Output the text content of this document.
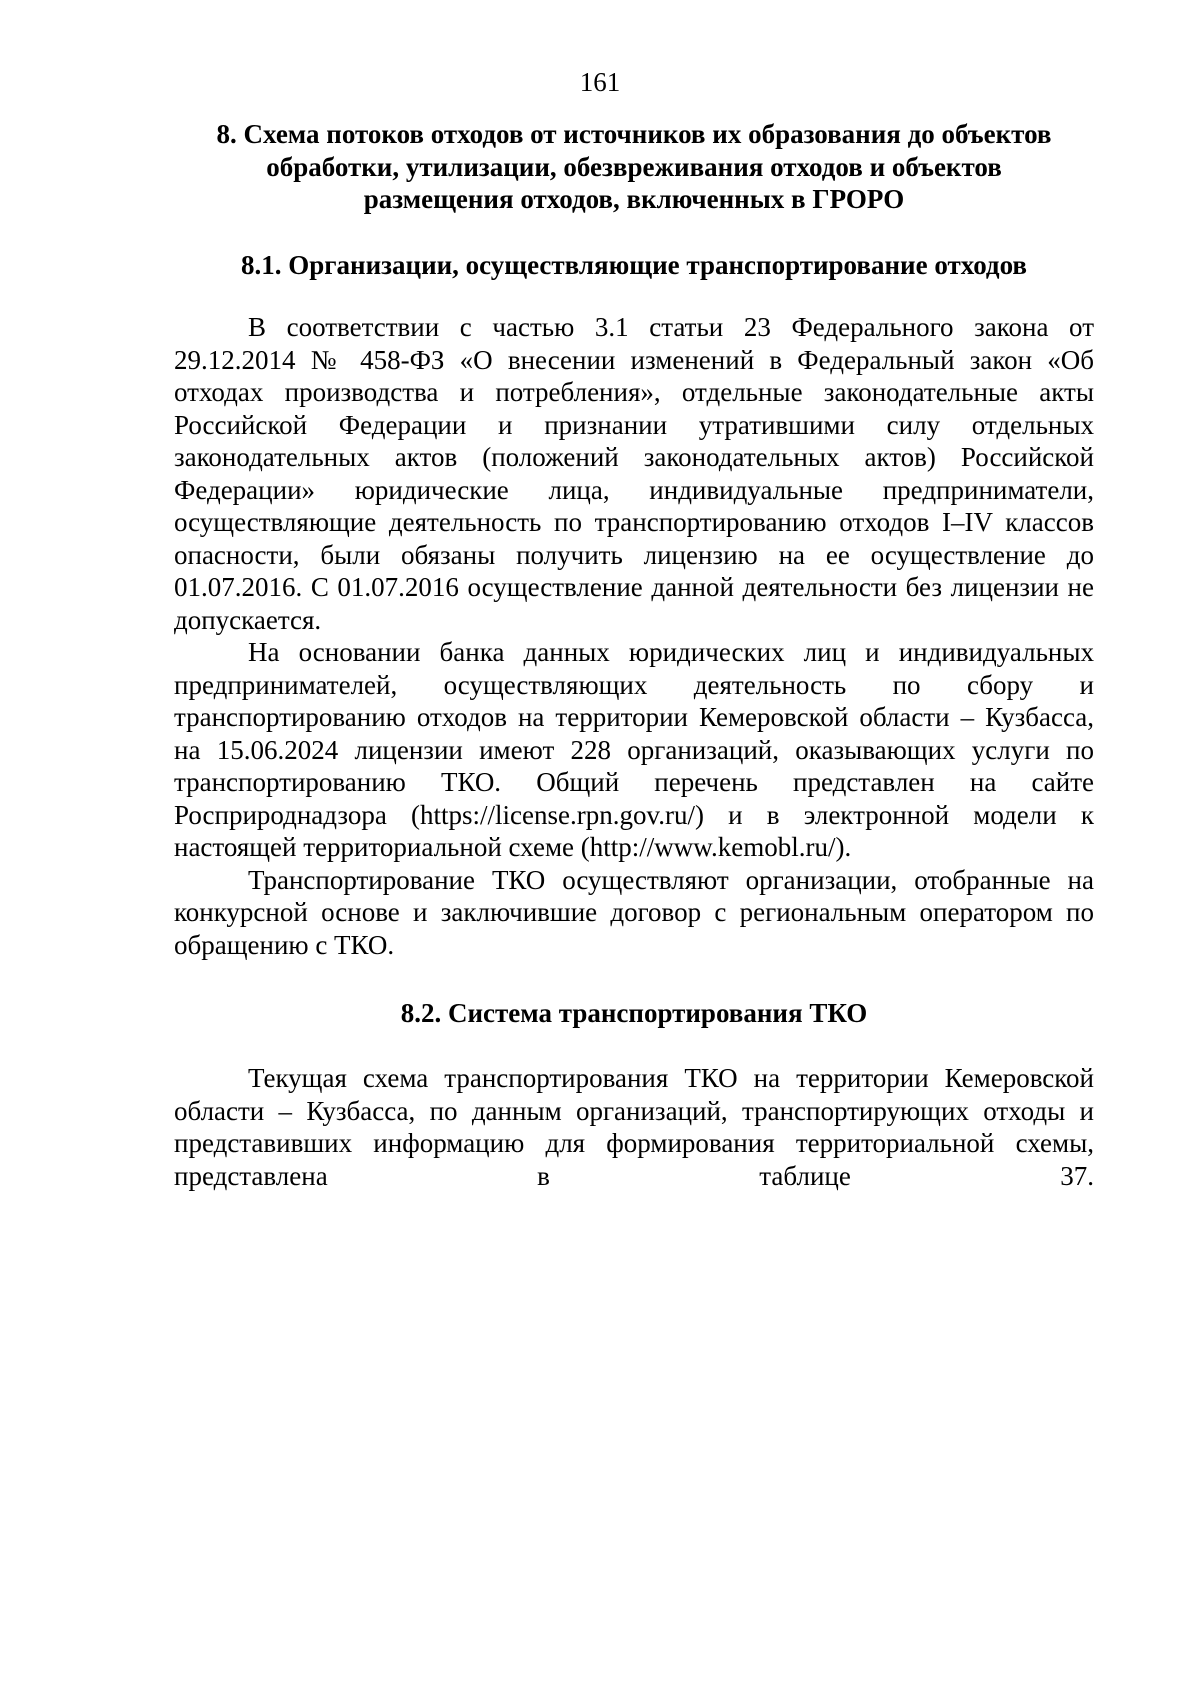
161
8. Схема потоков отходов от источников их образования до объектов
обработки, утилизации, обезвреживания отходов и объектов
размещения отходов, включенных в ГРОРО
8.1. Организации, осуществляющие транспортирование отходов

В соответствии с частью 3.1 статьи 23 Федерального закона от 29.12.2014 № 458-ФЗ «О внесении изменений в Федеральный закон «Об отходах производства и потребления», отдельные законодательные акты Российской Федерации и признании утратившими силу отдельных законодательных актов (положений законодательных актов) Российской Федерации» юридические лица, индивидуальные предприниматели, осуществляющие деятельность по транспортированию отходов I–IV классов опасности, были обязаны получить лицензию на ее осуществление до 01.07.2016. С 01.07.2016 осуществление данной деятельности без лицензии не допускается.

На основании банка данных юридических лиц и индивидуальных предпринимателей, осуществляющих деятельность по сбору и транспортированию отходов на территории Кемеровской области – Кузбасса, на 15.06.2024 лицензии имеют 228 организаций, оказывающих услуги по транспортированию ТКО. Общий перечень представлен на сайте Росприроднадзора (https://license.rpn.gov.ru/) и в электронной модели к настоящей территориальной схеме (http://www.kemobl.ru/).

Транспортирование ТКО осуществляют организации, отобранные на конкурсной основе и заключившие договор с региональным оператором по обращению с ТКО.

8.2. Система транспортирования ТКО

Текущая схема транспортирования ТКО на территории Кемеровской области – Кузбасса, по данным организаций, транспортирующих отходы и представивших информацию для формирования территориальной схемы, представлена в таблице 37.
